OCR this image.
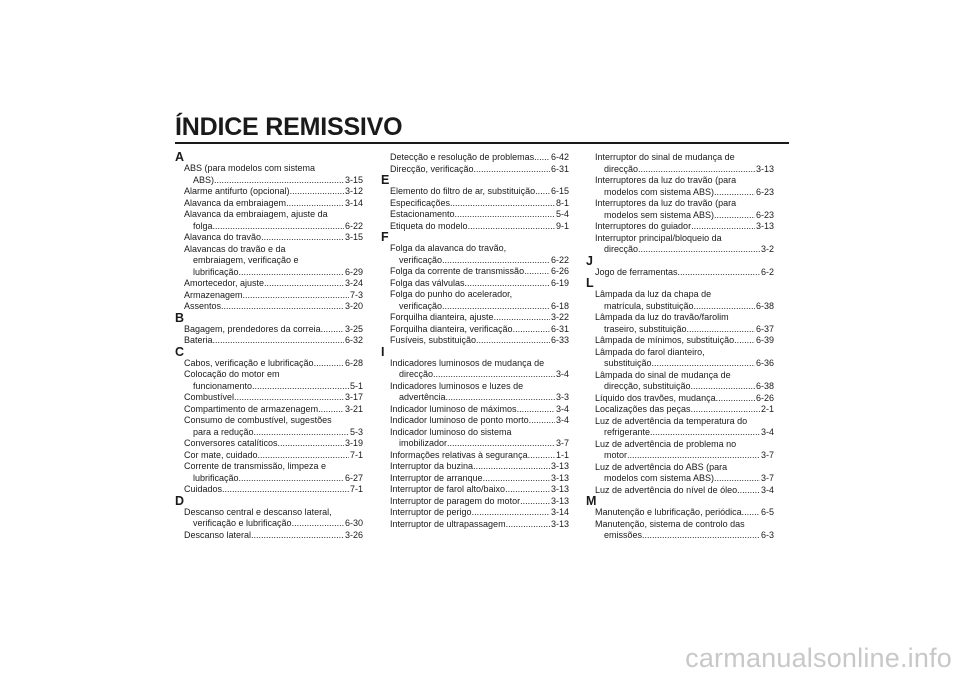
ÍNDICE REMISSIVO
A
ABS (para modelos com sistema
ABS) .....	3-15
Alarme antifurto (opcional) .....	3-12
Alavanca da embraiagem .....	3-14
Alavanca da embraiagem, ajuste da
folga .....	6-22
Alavanca do travão .....	3-15
Alavancas do travão e da
embraiagem, verificação e
lubrificação .....	6-29
Amortecedor, ajuste .....	3-24
Armazenagem .....	7-3
Assentos .....	3-20
B
Bagagem, prendedores da correia .....	3-25
Bateria .....	6-32
C
Cabos, verificação e lubrificação .....	6-28
Colocação do motor em
funcionamento .....	5-1
Combustível .....	3-17
Compartimento de armazenagem .....	3-21
Consumo de combustível, sugestões
para a redução .....	5-3
Conversores catalíticos .....	3-19
Cor mate, cuidado .....	7-1
Corrente de transmissão, limpeza e
lubrificação .....	6-27
Cuidados .....	7-1
D
Descanso central e descanso lateral,
verificação e lubrificação .....	6-30
Descanso lateral .....	3-26
Detecção e resolução de problemas ..... 6-42
Direcção, verificação .....	6-31
E
Elemento do filtro de ar, substituição ..... 6-15
Especificações .....	8-1
Estacionamento .....	5-4
Etiqueta do modelo .....	9-1
F
Folga da alavanca do travão,
verificação .....	6-22
Folga da corrente de transmissão .....	6-26
Folga das válvulas .....	6-19
Folga do punho do acelerador,
verificação .....	6-18
Forquilha dianteira, ajuste .....	3-22
Forquilha dianteira, verificação .....	6-31
Fusíveis, substituição .....	6-33
I
Indicadores luminosos de mudança de
direcção .....	3-4
Indicadores luminosos e luzes de
advertência .....	3-3
Indicador luminoso de máximos .....	3-4
Indicador luminoso de ponto morto .....	3-4
Indicador luminoso do sistema
imobilizador .....	3-7
Informações relativas à segurança .....	1-1
Interruptor da buzina .....	3-13
Interruptor de arranque .....	3-13
Interruptor de farol alto/baixo .....	3-13
Interruptor de paragem do motor .....	3-13
Interruptor de perigo .....	3-14
Interruptor de ultrapassagem .....	3-13
Interruptor do sinal de mudança de
direcção .....	3-13
Interruptores da luz do travão (para
modelos com sistema ABS) .....	6-23
Interruptores da luz do travão (para
modelos sem sistema ABS) .....	6-23
Interruptores do guiador .....	3-13
Interruptor principal/bloqueio da
direcção .....	3-2
J
Jogo de ferramentas .....	6-2
L
Lâmpada da luz da chapa de
matrícula, substituição .....	6-38
Lâmpada da luz do travão/farolim
traseiro, substituição .....	6-37
Lâmpada de mínimos, substituição ..... 6-39
Lâmpada do farol dianteiro,
substituição .....	6-36
Lâmpada do sinal de mudança de
direcção, substituição .....	6-38
Líquido dos travões, mudança .....	6-26
Localizações das peças .....	2-1
Luz de advertência da temperatura do
refrigerante .....	3-4
Luz de advertência de problema no
motor .....	3-7
Luz de advertência do ABS (para
modelos com sistema ABS) .....	3-7
Luz de advertência do nível de óleo .....	3-4
M
Manutenção e lubrificação, periódica ..... 6-5
Manutenção, sistema de controlo das
emissões .....	6-3
carmanualsonline.info
